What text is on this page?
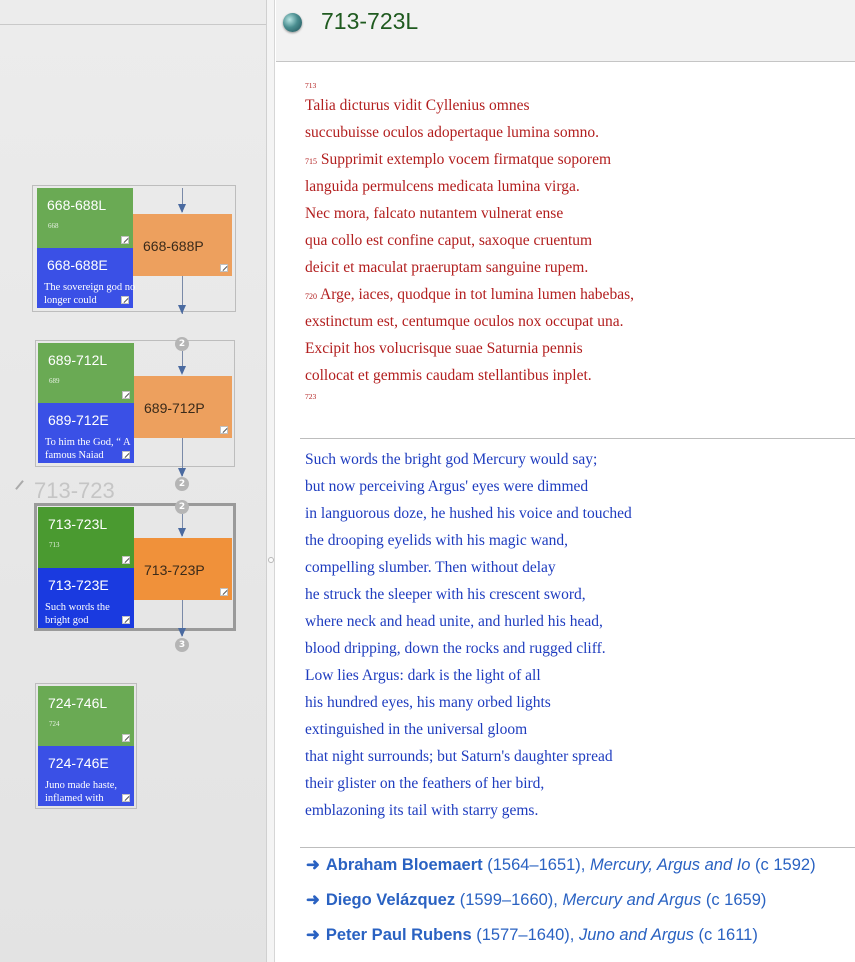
668-688L
668
668-688E
The sovereign god no longer could
668-688P
689-712L
689
689-712E
To him the God, “ A famous Naiad
689-712P
713-723
713-723L
713
713-723E
Such words the bright god
713-723P
724-746L
724
724-746E
Juno made haste, inflamed with
2
2
2
3
713-723L
713
Talia dicturus vidit Cyllenius omnes
succubuisse oculos adopertaque lumina somno.
715 Supprimit extemplo vocem firmatque soporem
languida permulcens medicata lumina virga.
Nec mora, falcato nutantem vulnerat ense
qua collo est confine caput, saxoque cruentum
deicit et maculat praeruptam sanguine rupem.
720 Arge, iaces, quodque in tot lumina lumen habebas,
exstinctum est, centumque oculos nox occupat una.
Excipit hos volucrisque suae Saturnia pennis
collocat et gemmis caudam stellantibus inplet.
723
Such words the bright god Mercury would say;
but now perceiving Argus' eyes were dimmed
in languorous doze, he hushed his voice and touched
the drooping eyelids with his magic wand,
compelling slumber. Then without delay
he struck the sleeper with his crescent sword,
where neck and head unite, and hurled his head,
blood dripping, down the rocks and rugged cliff.
Low lies Argus: dark is the light of all
his hundred eyes, his many orbed lights
extinguished in the universal gloom
that night surrounds; but Saturn's daughter spread
their glister on the feathers of her bird,
emblazoning its tail with starry gems.
➜ Abraham Bloemaert (1564–1651), Mercury, Argus and Io (c 1592)
➜ Diego Velázquez (1599–1660), Mercury and Argus (c 1659)
➜ Peter Paul Rubens (1577–1640), Juno and Argus (c 1611)
